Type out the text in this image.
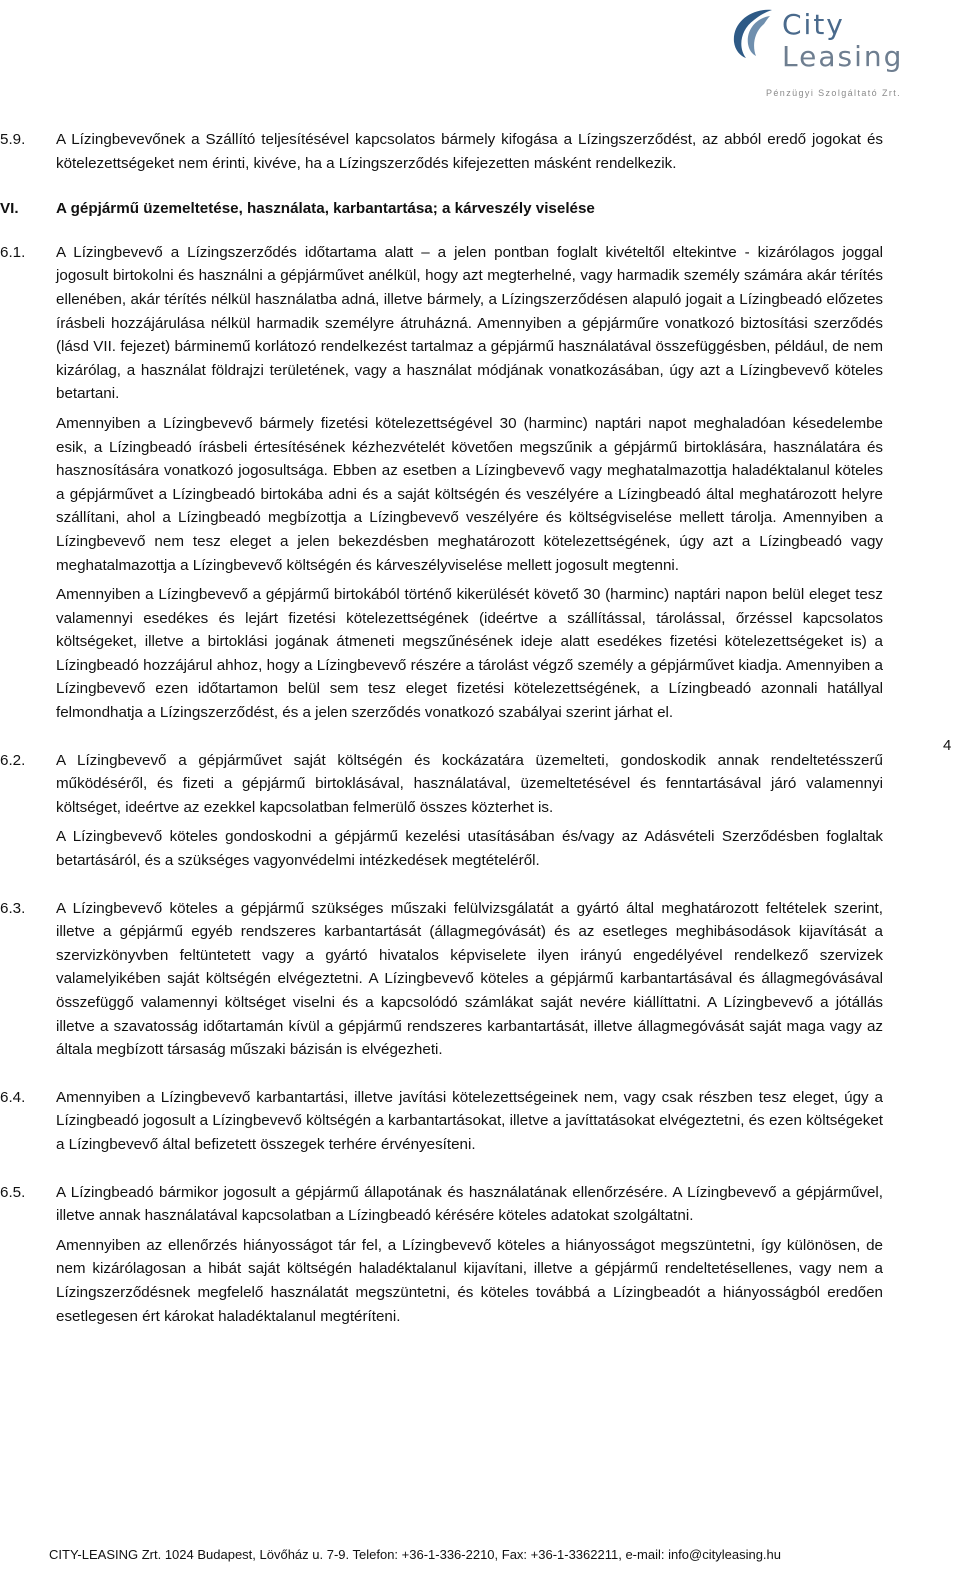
City
Leasing
Pénzügyi Szolgáltató Zrt.
5.9.	A Lízingbevevőnek a Szállító teljesítésével kapcsolatos bármely kifogása a Lízingszerződést, az abból eredő jogokat és kötelezettségeket nem érinti, kivéve, ha a Lízingszerződés kifejezetten másként rendelkezik.

VI.	A gépjármű üzemeltetése, használata, karbantartása; a kárveszély viselése
6.1.	A Lízingbevevő a Lízingszerződés időtartama alatt – a jelen pontban foglalt kivételtől eltekintve - kizárólagos joggal jogosult birtokolni és használni a gépjárművet anélkül, hogy azt megterhelné, vagy harmadik személy számára akár térítés ellenében, akár térítés nélkül használatba adná, illetve bármely, a Lízingszerződésen alapuló jogait a Lízingbeadó előzetes írásbeli hozzájárulása nélkül harmadik személyre átruházná. Amennyiben a gépjárműre vonatkozó biztosítási szerződés (lásd VII. fejezet) bárminemű korlátozó rendelkezést tartalmaz a gépjármű használatával összefüggésben, például, de nem kizárólag, a használat földrajzi területének, vagy a használat módjának vonatkozásában, úgy azt a Lízingbevevő köteles betartani.

Amennyiben a Lízingbevevő bármely fizetési kötelezettségével 30 (harminc) naptári napot meghaladóan késedelembe esik, a Lízingbeadó írásbeli értesítésének kézhezvételét követően megszűnik a gépjármű birtoklására, használatára és hasznosítására vonatkozó jogosultsága. Ebben az esetben a Lízingbevevő vagy meghatalmazottja haladéktalanul köteles a gépjárművet a Lízingbeadó birtokába adni és a saját költségén és veszélyére a Lízingbeadó által meghatározott helyre szállítani, ahol a Lízingbeadó megbízottja a Lízingbevevő veszélyére és költségviselése mellett tárolja. Amennyiben a Lízingbevevő nem tesz eleget a jelen bekezdésben meghatározott kötelezettségének, úgy azt a Lízingbeadó vagy meghatalmazottja a Lízingbevevő költségén és kárveszélyviselése mellett jogosult megtenni.

Amennyiben a Lízingbevevő a gépjármű birtokából történő kikerülését követő 30 (harminc) naptári napon belül eleget tesz valamennyi esedékes és lejárt fizetési kötelezettségének (ideértve a szállítással, tárolással, őrzéssel kapcsolatos költségeket, illetve a birtoklási jogának átmeneti megszűnésének ideje alatt esedékes fizetési kötelezettségeket is) a Lízingbeadó hozzájárul ahhoz, hogy a Lízingbevevő részére a tárolást végző személy a gépjárművet kiadja. Amennyiben a Lízingbevevő ezen időtartamon belül sem tesz eleget fizetési kötelezettségének, a Lízingbeadó azonnali hatállyal felmondhatja a Lízingszerződést, és a jelen szerződés vonatkozó szabályai szerint járhat el.

6.2.	A Lízingbevevő a gépjárművet saját költségén és kockázatára üzemelteti, gondoskodik annak rendeltetésszerű működéséről, és fizeti a gépjármű birtoklásával, használatával, üzemeltetésével és fenntartásával járó valamennyi költséget, ideértve az ezekkel kapcsolatban felmerülő összes közterhet is.

A Lízingbevevő köteles gondoskodni a gépjármű kezelési utasításában és/vagy az Adásvételi Szerződésben foglaltak betartásáról, és a szükséges vagyonvédelmi intézkedések megtételéről.

6.3.	A Lízingbevevő köteles a gépjármű szükséges műszaki felülvizsgálatát a gyártó által meghatározott feltételek szerint, illetve a gépjármű egyéb rendszeres karbantartását (állagmegóvását) és az esetleges meghibásodások kijavítását a szervizkönyvben feltüntetett vagy a gyártó hivatalos képviselete ilyen irányú engedélyével rendelkező szervizek valamelyikében saját költségén elvégeztetni. A Lízingbevevő köteles a gépjármű karbantartásával és állagmegóvásával összefüggő valamennyi költséget viselni és a kapcsolódó számlákat saját nevére kiállíttatni. A Lízingbevevő a jótállás illetve a szavatosság időtartamán kívül a gépjármű rendszeres karbantartását, illetve állagmegóvását saját maga vagy az általa megbízott társaság műszaki bázisán is elvégezheti.

6.4.	Amennyiben a Lízingbevevő karbantartási, illetve javítási kötelezettségeinek nem, vagy csak részben tesz eleget, úgy a Lízingbeadó jogosult a Lízingbevevő költségén a karbantartásokat, illetve a javíttatásokat elvégeztetni, és ezen költségeket a Lízingbevevő által befizetett összegek terhére érvényesíteni.

6.5.	A Lízingbeadó bármikor jogosult a gépjármű állapotának és használatának ellenőrzésére. A Lízingbevevő a gépjárművel, illetve annak használatával kapcsolatban a Lízingbeadó kérésére köteles adatokat szolgáltatni.

Amennyiben az ellenőrzés hiányosságot tár fel, a Lízingbevevő köteles a hiányosságot megszüntetni, így különösen, de nem kizárólagosan a hibát saját költségén haladéktalanul kijavítani, illetve a gépjármű rendeltetésellenes, vagy nem a Lízingszerződésnek megfelelő használatát megszüntetni, és köteles továbbá a Lízingbeadót a hiányosságból eredően esetlegesen ért károkat haladéktalanul megtéríteni.

4
CITY-LEASING Zrt. 1024 Budapest, Lövőház u. 7-9. Telefon: +36-1-336-2210, Fax: +36-1-3362211, e-mail: info@cityleasing.hu
